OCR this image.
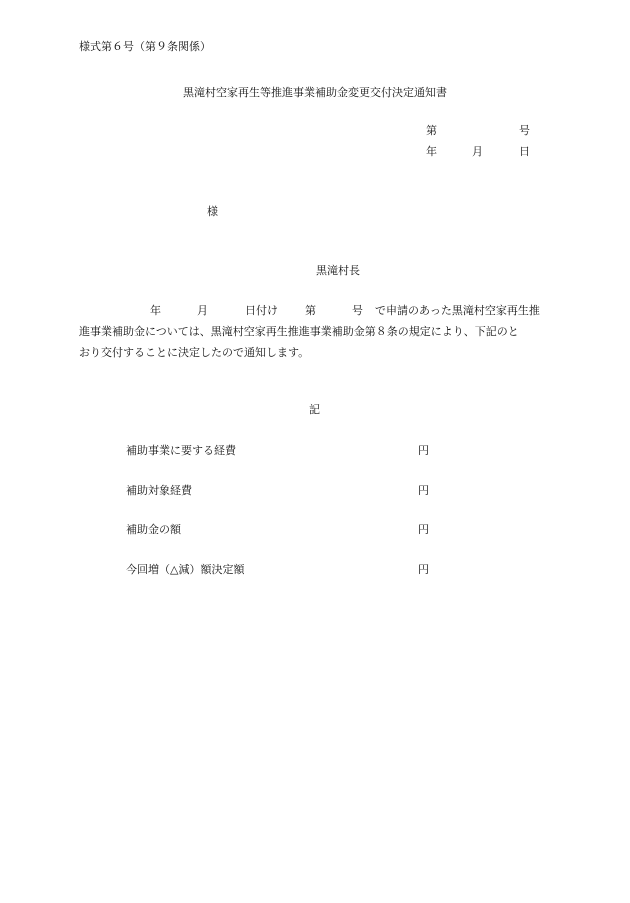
様式第６号（第９条関係）
黒滝村空家再生等推進事業補助金変更交付決定通知書
第	号
年	月	日
様
黒滝村長
年	月	日付け 第	号 で申請のあった黒滝村空家再生推
進事業補助金については、黒滝村空家再生推進事業補助金第８条の規定により、下記のと
おり交付することに決定したので通知します。
記
補助事業に要する経費	円
補助対象経費	円
補助金の額	円
今回増（△減）額決定額	円
